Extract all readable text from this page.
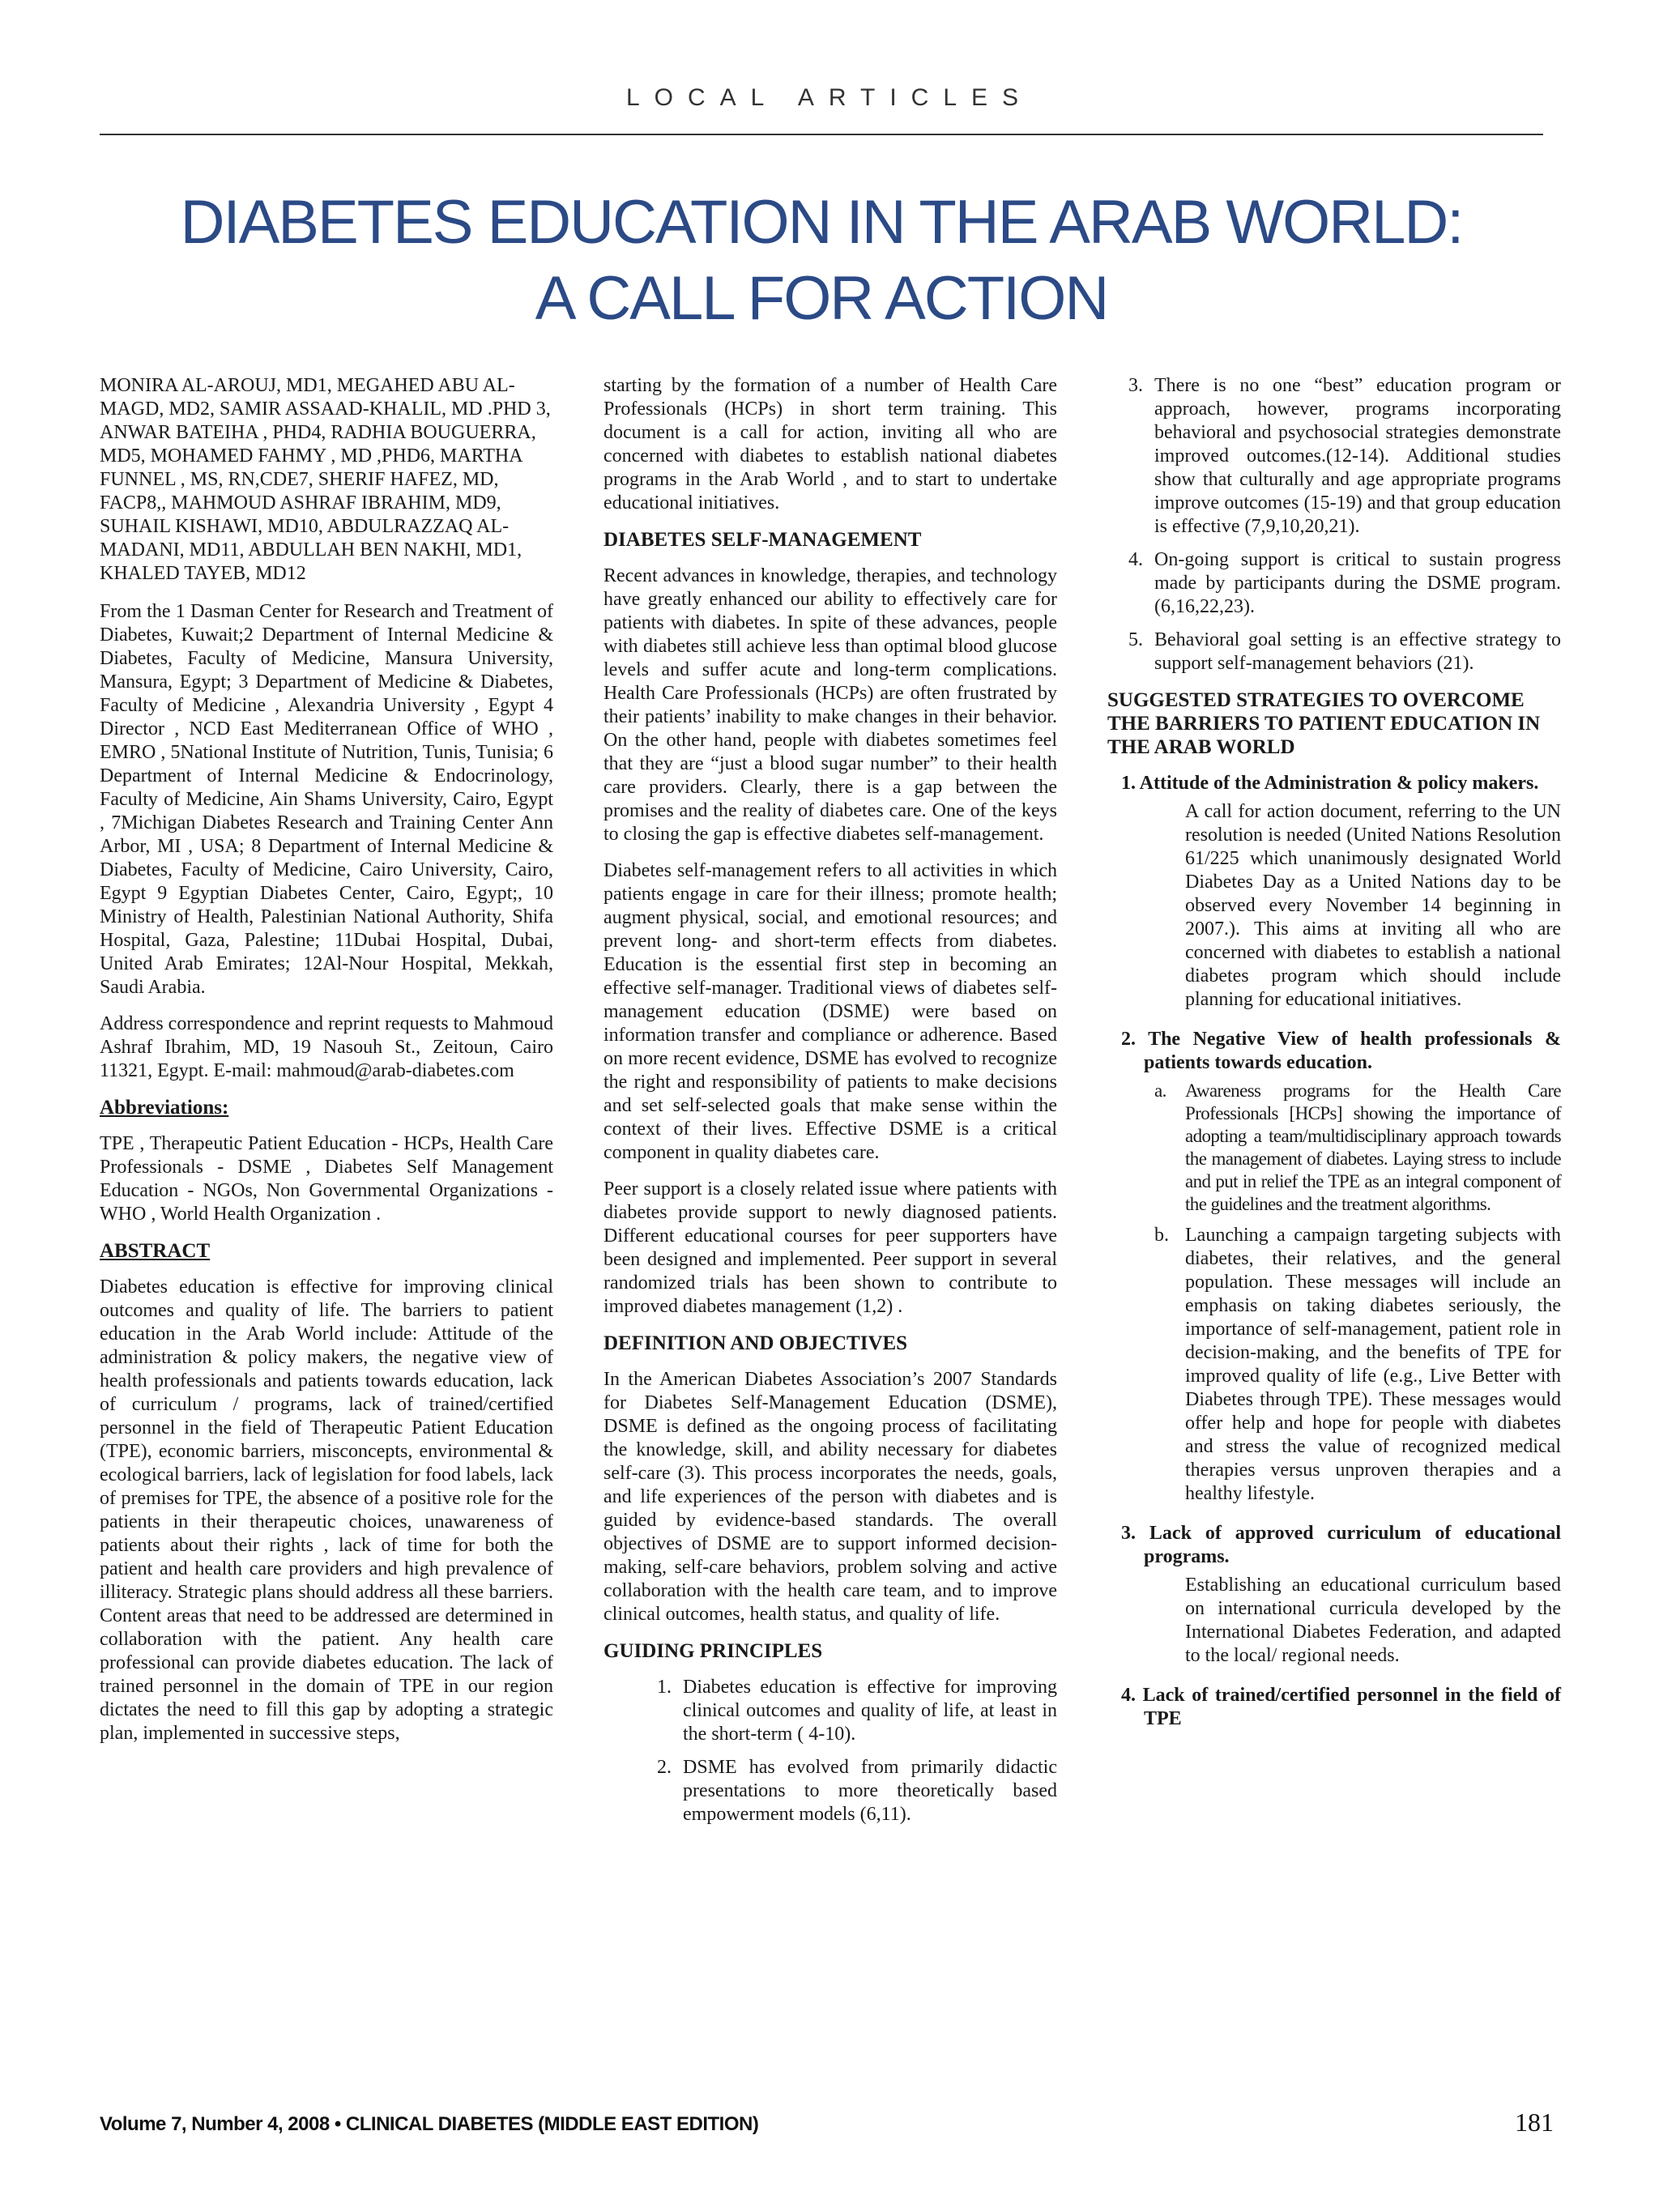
LOCAL ARTICLES
DIABETES EDUCATION IN THE ARAB WORLD:
A CALL FOR ACTION

MONIRA AL-AROUJ, MD1, MEGAHED ABU AL-MAGD, MD2, SAMIR ASSAAD-KHALIL, MD .PHD 3, ANWAR BATEIHA , PHD4, RADHIA BOUGUERRA, MD5, MOHAMED FAHMY , MD ,PHD6, MARTHA FUNNEL , MS, RN,CDE7, SHERIF HAFEZ, MD, FACP8,, MAHMOUD ASHRAF IBRAHIM, MD9, SUHAIL KISHAWI, MD10, ABDULRAZZAQ AL-MADANI, MD11, ABDULLAH BEN NAKHI, MD1, KHALED TAYEB, MD12

From the 1 Dasman Center for Research and Treatment of Diabetes, Kuwait;2 Department of Internal Medicine & Diabetes, Faculty of Medicine, Mansura University, Mansura, Egypt; 3 Department of Medicine & Diabetes, Faculty of Medicine , Alexandria University , Egypt 4 Director , NCD East Mediterranean Office of WHO , EMRO , 5National Institute of Nutrition, Tunis, Tunisia; 6 Department of Internal Medicine & Endocrinology, Faculty of Medicine, Ain Shams University, Cairo, Egypt , 7Michigan Diabetes Research and Training Center Ann Arbor, MI , USA; 8 Department of Internal Medicine & Diabetes, Faculty of Medicine, Cairo University, Cairo, Egypt 9 Egyptian Diabetes Center, Cairo, Egypt;, 10 Ministry of Health, Palestinian National Authority, Shifa Hospital, Gaza, Palestine; 11Dubai Hospital, Dubai, United Arab Emirates; 12Al-Nour Hospital, Mekkah, Saudi Arabia.

Address correspondence and reprint requests to Mahmoud Ashraf Ibrahim, MD, 19 Nasouh St., Zeitoun, Cairo 11321, Egypt. E-mail: mahmoud@arab-diabetes.com

Abbreviations:

TPE , Therapeutic Patient Education - HCPs, Health Care Professionals - DSME , Diabetes Self Management Education - NGOs, Non Governmental Organizations - WHO , World Health Organization .

ABSTRACT

Diabetes education is effective for improving clinical outcomes and quality of life. The barriers to patient education in the Arab World include: Attitude of the administration & policy makers, the negative view of health professionals and patients towards education, lack of curriculum / programs, lack of trained/certified personnel in the field of Therapeutic Patient Education (TPE), economic barriers, misconcepts, environmental & ecological barriers, lack of legislation for food labels, lack of premises for TPE, the absence of a positive role for the patients in their therapeutic choices, unawareness of patients about their rights , lack of time for both the patient and health care providers and high prevalence of illiteracy. Strategic plans should address all these barriers. Content areas that need to be addressed are determined in collaboration with the patient. Any health care professional can provide diabetes education. The lack of trained personnel in the domain of TPE in our region dictates the need to fill this gap by adopting a strategic plan, implemented in successive steps,

starting by the formation of a number of Health Care Professionals (HCPs) in short term training. This document is a call for action, inviting all who are concerned with diabetes to establish national diabetes programs in the Arab World , and to start to undertake educational initiatives.

DIABETES SELF-MANAGEMENT

Recent advances in knowledge, therapies, and technology have greatly enhanced our ability to effectively care for patients with diabetes. In spite of these advances, people with diabetes still achieve less than optimal blood glucose levels and suffer acute and long-term complications. Health Care Professionals (HCPs) are often frustrated by their patients’ inability to make changes in their behavior. On the other hand, people with diabetes sometimes feel that they are “just a blood sugar number” to their health care providers. Clearly, there is a gap between the promises and the reality of diabetes care. One of the keys to closing the gap is effective diabetes self-management.

Diabetes self-management refers to all activities in which patients engage in care for their illness; promote health; augment physical, social, and emotional resources; and prevent long- and short-term effects from diabetes. Education is the essential first step in becoming an effective self-manager. Traditional views of diabetes self-management education (DSME) were based on information transfer and compliance or adherence. Based on more recent evidence, DSME has evolved to recognize the right and responsibility of patients to make decisions and set self-selected goals that make sense within the context of their lives. Effective DSME is a critical component in quality diabetes care.

Peer support is a closely related issue where patients with diabetes provide support to newly diagnosed patients. Different educational courses for peer supporters have been designed and implemented. Peer support in several randomized trials has been shown to contribute to improved diabetes management (1,2) .

DEFINITION AND OBJECTIVES

In the American Diabetes Association’s 2007 Standards for Diabetes Self-Management Education (DSME), DSME is defined as the ongoing process of facilitating the knowledge, skill, and ability necessary for diabetes self-care (3). This process incorporates the needs, goals, and life experiences of the person with diabetes and is guided by evidence-based standards. The overall objectives of DSME are to support informed decision-making, self-care behaviors, problem solving and active collaboration with the health care team, and to improve clinical outcomes, health status, and quality of life.

GUIDING PRINCIPLES
1. Diabetes education is effective for improving clinical outcomes and quality of life, at least in the short-term ( 4-10).
2. DSME has evolved from primarily didactic presentations to more theoretically based empowerment models (6,11).
3. There is no one “best” education program or approach, however, programs incorporating behavioral and psychosocial strategies demonstrate improved outcomes.(12-14). Additional studies show that culturally and age appropriate programs improve outcomes (15-19) and that group education is effective (7,9,10,20,21).
4. On-going support is critical to sustain progress made by participants during the DSME program. (6,16,22,23).
5. Behavioral goal setting is an effective strategy to support self-management behaviors (21).
SUGGESTED STRATEGIES TO OVERCOME THE BARRIERS TO PATIENT EDUCATION IN THE ARAB WORLD
1. Attitude of the Administration & policy makers.
A call for action document, referring to the UN resolution is needed (United Nations Resolution 61/225 which unanimously designated World Diabetes Day as a United Nations day to be observed every November 14 beginning in 2007.). This aims at inviting all who are concerned with diabetes to establish a national diabetes program which should include planning for educational initiatives.
2. The Negative View of health professionals & patients towards education.
a. Awareness programs for the Health Care Professionals [HCPs] showing the importance of adopting a team/multidisciplinary approach towards the management of diabetes. Laying stress to include and put in relief the TPE as an integral component of the guidelines and the treatment algorithms.
b. Launching a campaign targeting subjects with diabetes, their relatives, and the general population. These messages will include an emphasis on taking diabetes seriously, the importance of self-management, patient role in decision-making, and the benefits of TPE for improved quality of life (e.g., Live Better with Diabetes through TPE). These messages would offer help and hope for people with diabetes and stress the value of recognized medical therapies versus unproven therapies and a healthy lifestyle.
3. Lack of approved curriculum of educational programs.
Establishing an educational curriculum based on international curricula developed by the International Diabetes Federation, and adapted to the local/ regional needs.
4. Lack of trained/certified personnel in the field of TPE
Volume 7, Number 4, 2008 • CLINICAL DIABETES (MIDDLE EAST EDITION)	181
